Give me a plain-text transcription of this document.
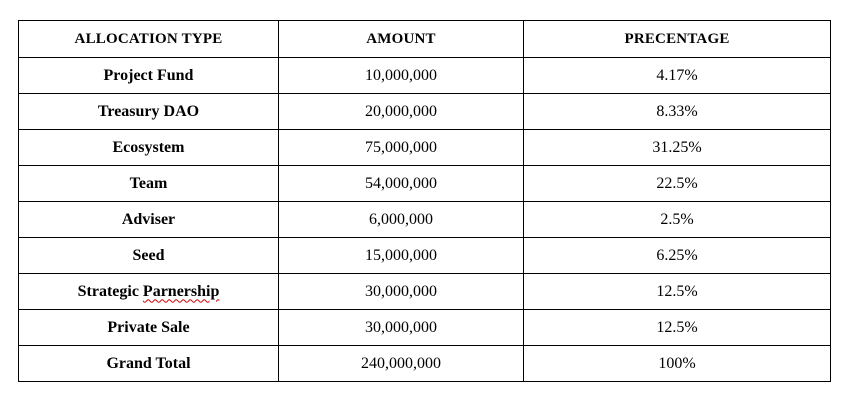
ALLOCATION TYPE	AMOUNT	PRECENTAGE
Project Fund	10,000,000	4.17%
Treasury DAO	20,000,000	8.33%
Ecosystem	75,000,000	31.25%
Team	54,000,000	22.5%
Adviser	6,000,000	2.5%
Seed	15,000,000	6.25%
Strategic Parnership	30,000,000	12.5%
Private Sale	30,000,000	12.5%
Grand Total	240,000,000	100%
